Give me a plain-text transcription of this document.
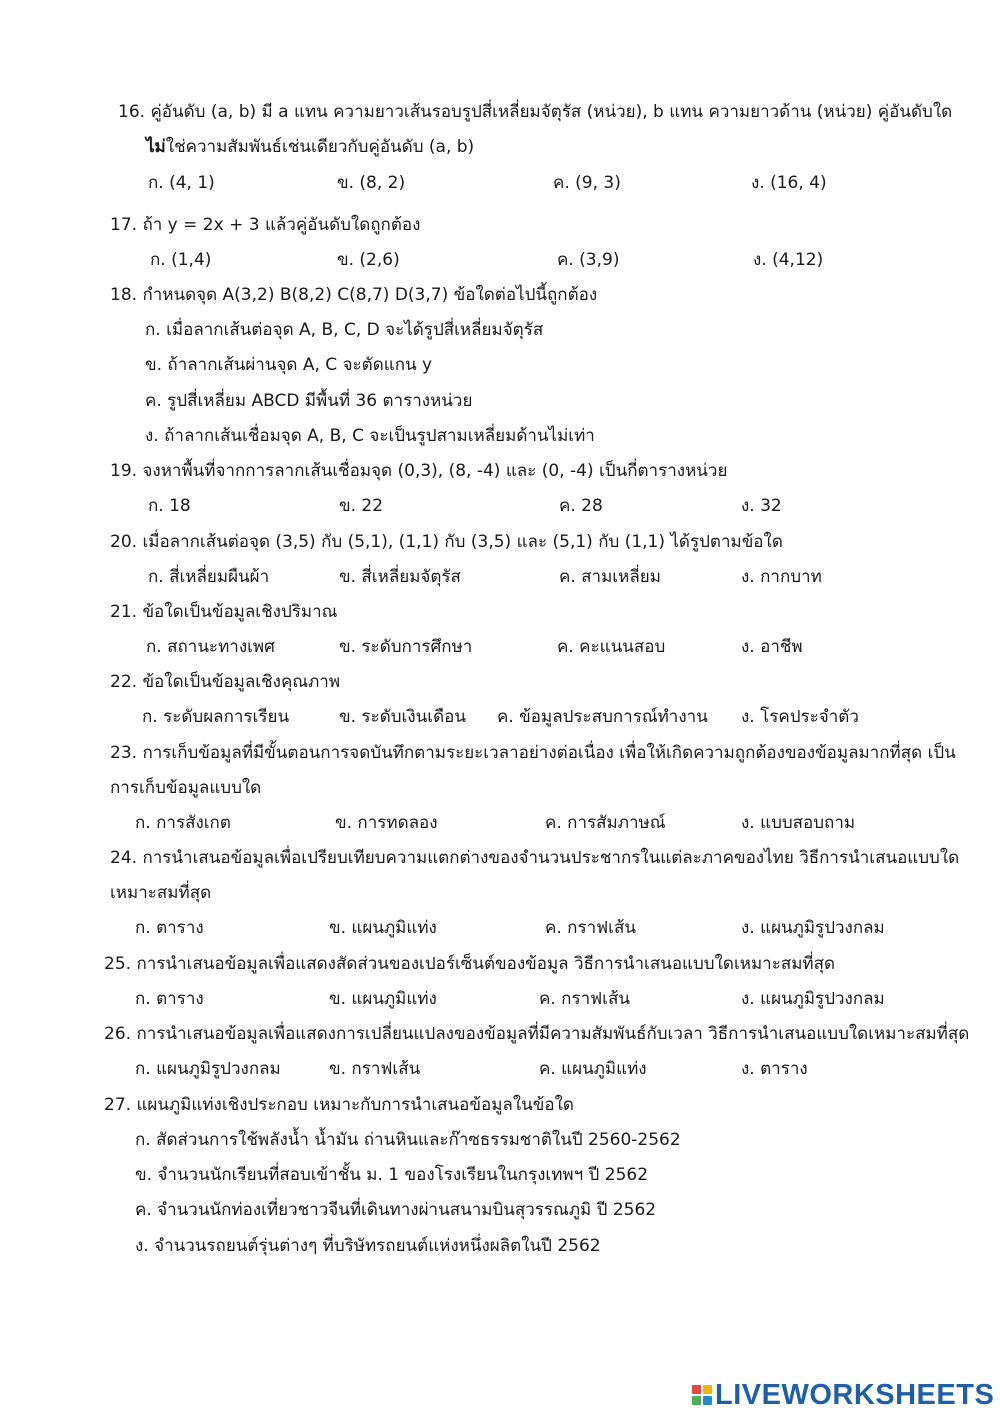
16. คู่อันดับ (a, b) มี a แทน ความยาวเส้นรอบรูปสี่เหลี่ยมจัตุรัส (หน่วย), b แทน ความยาวด้าน (หน่วย) คู่อันดับใด
ไม่ใช่ความสัมพันธ์เช่นเดียวกับคู่อันดับ (a, b)
ก. (4, 1)	ข. (8, 2)	ค. (9, 3)	ง. (16, 4)
17. ถ้า y = 2x + 3 แล้วคู่อันดับใดถูกต้อง
ก. (1,4)	ข. (2,6)	ค. (3,9)	ง. (4,12)
18. กำหนดจุด A(3,2) B(8,2) C(8,7) D(3,7) ข้อใดต่อไปนี้ถูกต้อง
ก. เมื่อลากเส้นต่อจุด A, B, C, D จะได้รูปสี่เหลี่ยมจัตุรัส
ข. ถ้าลากเส้นผ่านจุด A, C จะตัดแกน y
ค. รูปสี่เหลี่ยม ABCD มีพื้นที่ 36 ตารางหน่วย
ง. ถ้าลากเส้นเชื่อมจุด A, B, C จะเป็นรูปสามเหลี่ยมด้านไม่เท่า
19. จงหาพื้นที่จากการลากเส้นเชื่อมจุด (0,3), (8, -4) และ (0, -4) เป็นกี่ตารางหน่วย
ก. 18	ข. 22	ค. 28	ง. 32
20. เมื่อลากเส้นต่อจุด (3,5) กับ (5,1), (1,1) กับ (3,5) และ (5,1) กับ (1,1) ได้รูปตามข้อใด
ก. สี่เหลี่ยมผืนผ้า	ข. สี่เหลี่ยมจัตุรัส	ค. สามเหลี่ยม	ง. กากบาท
21. ข้อใดเป็นข้อมูลเชิงปริมาณ
ก. สถานะทางเพศ	ข. ระดับการศึกษา	ค. คะแนนสอบ	ง. อาชีพ
22. ข้อใดเป็นข้อมูลเชิงคุณภาพ
ก. ระดับผลการเรียน	ข. ระดับเงินเดือน ค. ข้อมูลประสบการณ์ทำงาน ง. โรคประจำตัว
23. การเก็บข้อมูลที่มีขั้นตอนการจดบันทึกตามระยะเวลาอย่างต่อเนื่อง เพื่อให้เกิดความถูกต้องของข้อมูลมากที่สุด เป็น
การเก็บข้อมูลแบบใด
ก. การสังเกต	ข. การทดลอง	ค. การสัมภาษณ์	ง. แบบสอบถาม
24. การนำเสนอข้อมูลเพื่อเปรียบเทียบความแตกต่างของจำนวนประชากรในแต่ละภาคของไทย วิธีการนำเสนอแบบใด
เหมาะสมที่สุด
ก. ตาราง	ข. แผนภูมิแท่ง	ค. กราฟเส้น	ง. แผนภูมิรูปวงกลม
25. การนำเสนอข้อมูลเพื่อแสดงสัดส่วนของเปอร์เซ็นต์ของข้อมูล วิธีการนำเสนอแบบใดเหมาะสมที่สุด
ก. ตาราง	ข. แผนภูมิแท่ง	ค. กราฟเส้น	ง. แผนภูมิรูปวงกลม
26. การนำเสนอข้อมูลเพื่อแสดงการเปลี่ยนแปลงของข้อมูลที่มีความสัมพันธ์กับเวลา วิธีการนำเสนอแบบใดเหมาะสมที่สุด
ก. แผนภูมิรูปวงกลม	ข. กราฟเส้น	ค. แผนภูมิแท่ง	ง. ตาราง
27. แผนภูมิแท่งเชิงประกอบ เหมาะกับการนำเสนอข้อมูลในข้อใด
ก. สัดส่วนการใช้พลังน้ำ น้ำมัน ถ่านหินและก๊าซธรรมชาติในปี 2560-2562
ข. จำนวนนักเรียนที่สอบเข้าชั้น ม. 1 ของโรงเรียนในกรุงเทพฯ ปี 2562
ค. จำนวนนักท่องเที่ยวชาวจีนที่เดินทางผ่านสนามบินสุวรรณภูมิ ปี 2562
ง. จำนวนรถยนต์รุ่นต่างๆ ที่บริษัทรถยนต์แห่งหนึ่งผลิตในปี 2562
LIVEWORKSHEETS
